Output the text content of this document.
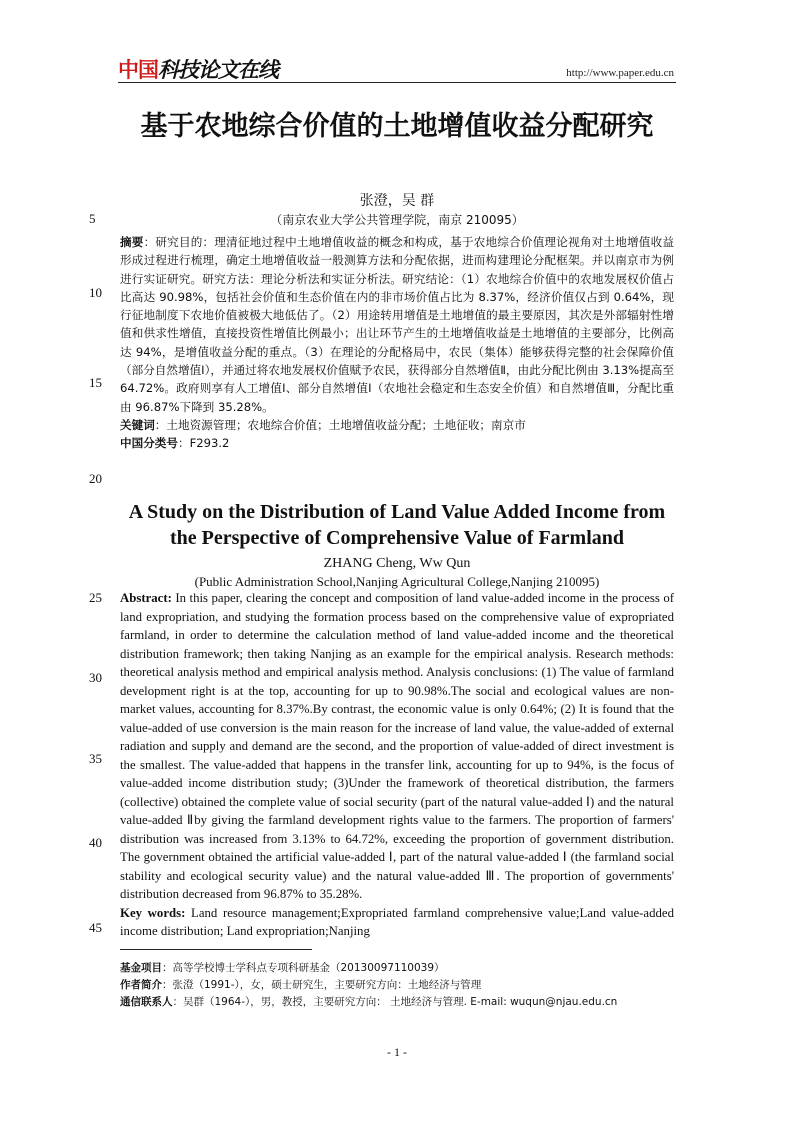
中国科技论文在线	http://www.paper.edu.cn
基于农地综合价值的土地增值收益分配研究
张澄，吴 群
（南京农业大学公共管理学院，南京 210095）
5
10
15
20
25
30
35
40
45

摘要：研究目的：理清征地过程中土地增值收益的概念和构成，基于农地综合价值理论视角对土地增值收益形成过程进行梳理，确定土地增值收益一般测算方法和分配依据，进而构建理论分配框架。并以南京市为例进行实证研究。研究方法：理论分析法和实证分析法。研究结论：（1）农地综合价值中的农地发展权价值占比高达 90.98%，包括社会价值和生态价值在内的非市场价值占比为 8.37%，经济价值仅占到 0.64%，现行征地制度下农地价值被极大地低估了。（2）用途转用增值是土地增值的最主要原因，其次是外部辐射性增值和供求性增值，直接投资性增值比例最小；出让环节产生的土地增值收益是土地增值的主要部分，比例高达 94%，是增值收益分配的重点。（3）在理论的分配格局中，农民（集体）能够获得完整的社会保障价值（部分自然增值Ⅰ），并通过将农地发展权价值赋予农民，获得部分自然增值Ⅱ，由此分配比例由 3.13%提高至 64.72%。政府则享有人工增值Ⅰ、部分自然增值Ⅰ（农地社会稳定和生态安全价值）和自然增值Ⅲ，分配比重由 96.87%下降到 35.28%。

关键词：土地资源管理；农地综合价值；土地增值收益分配；土地征收；南京市

中国分类号：F293.2

A Study on the Distribution of Land Value Added Income from the Perspective of Comprehensive Value of Farmland
ZHANG Cheng, Ww Qun
(Public Administration School,Nanjing Agricultural College,Nanjing 210095)

Abstract: In this paper, clearing the concept and composition of land value-added income in the process of land expropriation, and studying the formation process based on the comprehensive value of expropriated farmland, in order to determine the calculation method of land value-added income and the theoretical distribution framework; then taking Nanjing as an example for the empirical analysis. Research methods: theoretical analysis method and empirical analysis method. Analysis conclusions: (1) The value of farmland development right is at the top, accounting for up to 90.98%.The social and ecological values are non-market values, accounting for 8.37%.By contrast, the economic value is only 0.64%; (2) It is found that the value-added of use conversion is the main reason for the increase of land value, the value-added of external radiation and supply and demand are the second, and the proportion of value-added of direct investment is the smallest. The value-added that happens in the transfer link, accounting for up to 94%, is the focus of value-added income distribution study; (3)Under the framework of theoretical distribution, the farmers (collective) obtained the complete value of social security (part of the natural value-added Ⅰ) and the natural value-added Ⅱby giving the farmland development rights value to the farmers. The proportion of farmers' distribution was increased from 3.13% to 64.72%, exceeding the proportion of government distribution. The government obtained the artificial value-added Ⅰ, part of the natural value-added Ⅰ (the farmland social stability and ecological security value) and the natural value-added Ⅲ. The proportion of governments' distribution decreased from 96.87% to 35.28%.

Key words: Land resource management;Expropriated farmland comprehensive value;Land value-added income distribution; Land expropriation;Nanjing

基金项目：高等学校博士学科点专项科研基金（20130097110039）

作者简介：张澄（1991-），女，硕士研究生，主要研究方向：土地经济与管理

通信联系人：吴群（1964-），男，教授，主要研究方向： 土地经济与管理. E-mail: wuqun@njau.edu.cn

- 1 -
